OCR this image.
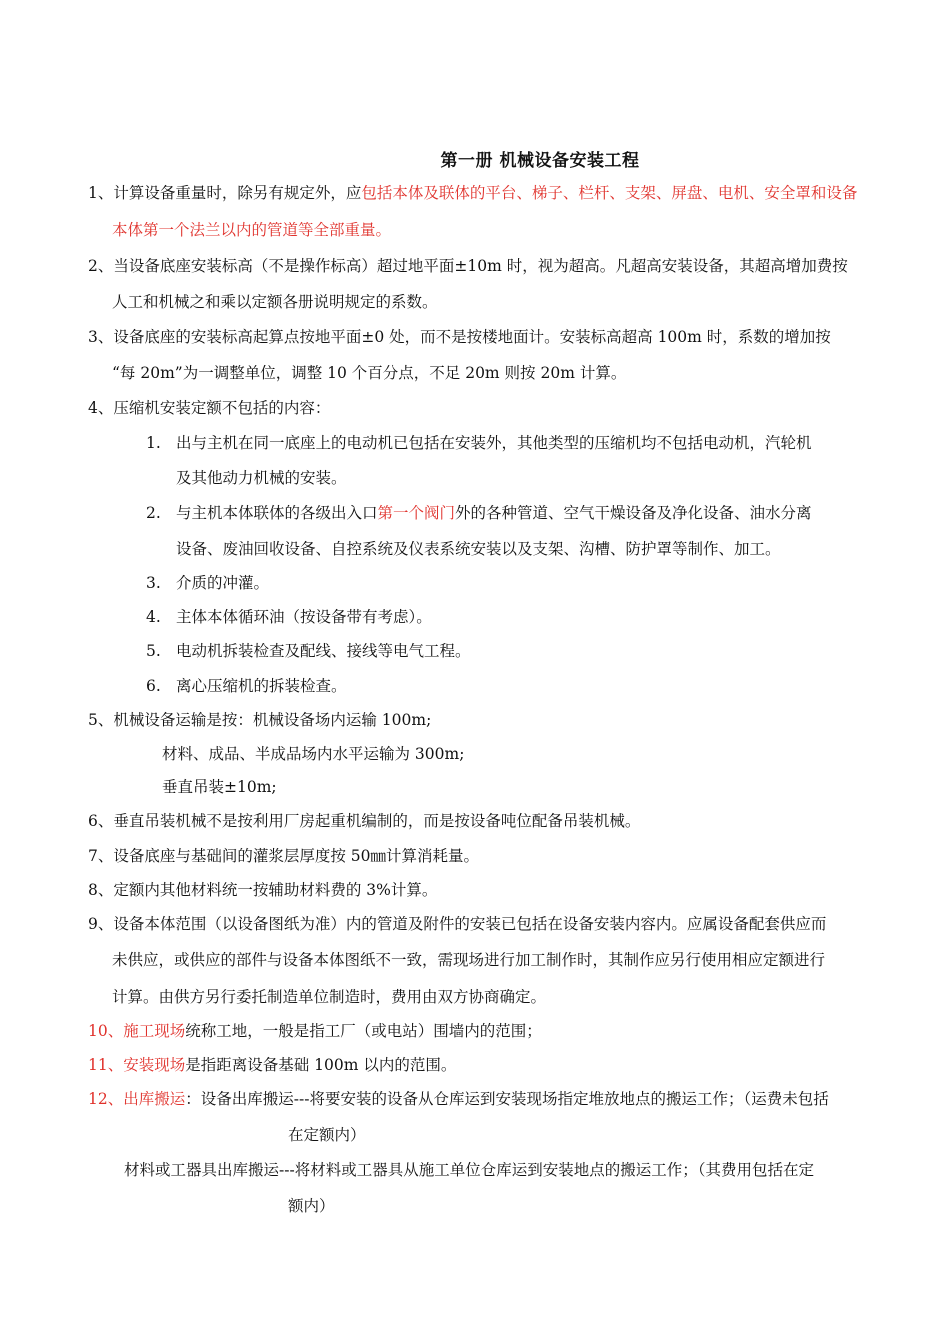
第一册 机械设备安装工程
1、计算设备重量时，除另有规定外，应包括本体及联体的平台、梯子、栏杆、支架、屏盘、电机、安全罩和设备
本体第一个法兰以内的管道等全部重量。
2、当设备底座安装标高（不是操作标高）超过地平面±10m 时，视为超高。凡超高安装设备，其超高增加费按
人工和机械之和乘以定额各册说明规定的系数。
3、设备底座的安装标高起算点按地平面±0 处，而不是按楼地面计。安装标高超高 100m 时，系数的增加按
“每 20m”为一调整单位，调整 10 个百分点，不足 20m 则按 20m 计算。
4、压缩机安装定额不包括的内容：
1. 出与主机在同一底座上的电动机已包括在安装外，其他类型的压缩机均不包括电动机，汽轮机
及其他动力机械的安装。
2. 与主机本体联体的各级出入口第一个阀门外的各种管道、空气干燥设备及净化设备、油水分离
设备、废油回收设备、自控系统及仪表系统安装以及支架、沟槽、防护罩等制作、加工。
3. 介质的冲灌。
4. 主体本体循环油（按设备带有考虑）。
5. 电动机拆装检查及配线、接线等电气工程。
6. 离心压缩机的拆装检查。
5、机械设备运输是按：机械设备场内运输 100m;
材料、成品、半成品场内水平运输为 300m;
垂直吊装±10m;
6、垂直吊装机械不是按利用厂房起重机编制的，而是按设备吨位配备吊装机械。
7、设备底座与基础间的灌浆层厚度按 50㎜计算消耗量。
8、定额内其他材料统一按辅助材料费的 3%计算。
9、设备本体范围（以设备图纸为准）内的管道及附件的安装已包括在设备安装内容内。应属设备配套供应而
未供应，或供应的部件与设备本体图纸不一致，需现场进行加工制作时，其制作应另行使用相应定额进行
计算。由供方另行委托制造单位制造时，费用由双方协商确定。
10、施工现场统称工地，一般是指工厂（或电站）围墙内的范围；
11、安装现场是指距离设备基础 100m 以内的范围。
12、出库搬运：设备出库搬运---将要安装的设备从仓库运到安装现场指定堆放地点的搬运工作；（运费未包括
在定额内）
材料或工器具出库搬运---将材料或工器具从施工单位仓库运到安装地点的搬运工作；（其费用包括在定
额内）
